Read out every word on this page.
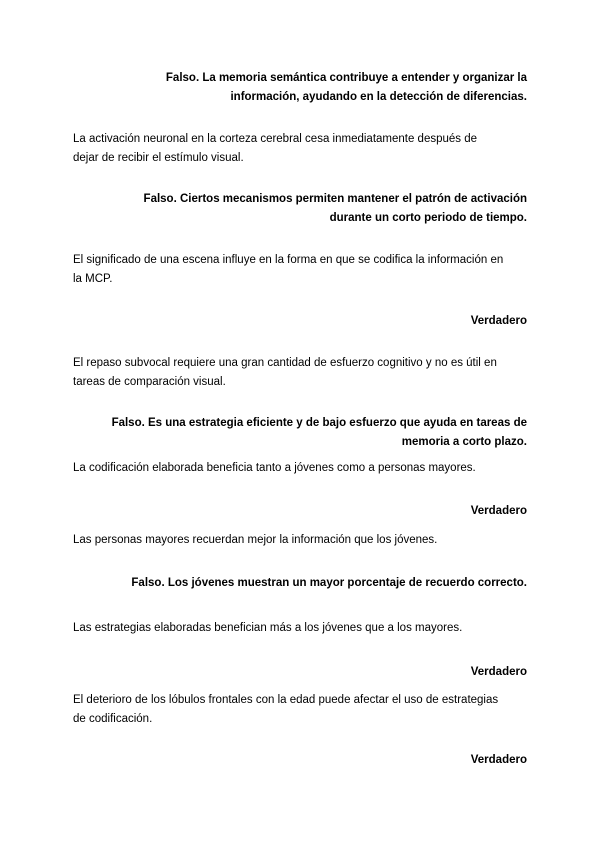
Falso. La memoria semántica contribuye a entender y organizar la
información, ayudando en la detección de diferencias.
La activación neuronal en la corteza cerebral cesa inmediatamente después de
dejar de recibir el estímulo visual.
Falso. Ciertos mecanismos permiten mantener el patrón de activación
durante un corto periodo de tiempo.
El significado de una escena influye en la forma en que se codifica la información en
la MCP.
Verdadero
El repaso subvocal requiere una gran cantidad de esfuerzo cognitivo y no es útil en
tareas de comparación visual.
Falso. Es una estrategia eficiente y de bajo esfuerzo que ayuda en tareas de
memoria a corto plazo.
La codificación elaborada beneficia tanto a jóvenes como a personas mayores.
Verdadero
Las personas mayores recuerdan mejor la información que los jóvenes.
Falso. Los jóvenes muestran un mayor porcentaje de recuerdo correcto.
Las estrategias elaboradas benefician más a los jóvenes que a los mayores.
Verdadero
El deterioro de los lóbulos frontales con la edad puede afectar el uso de estrategias
de codificación.
Verdadero
